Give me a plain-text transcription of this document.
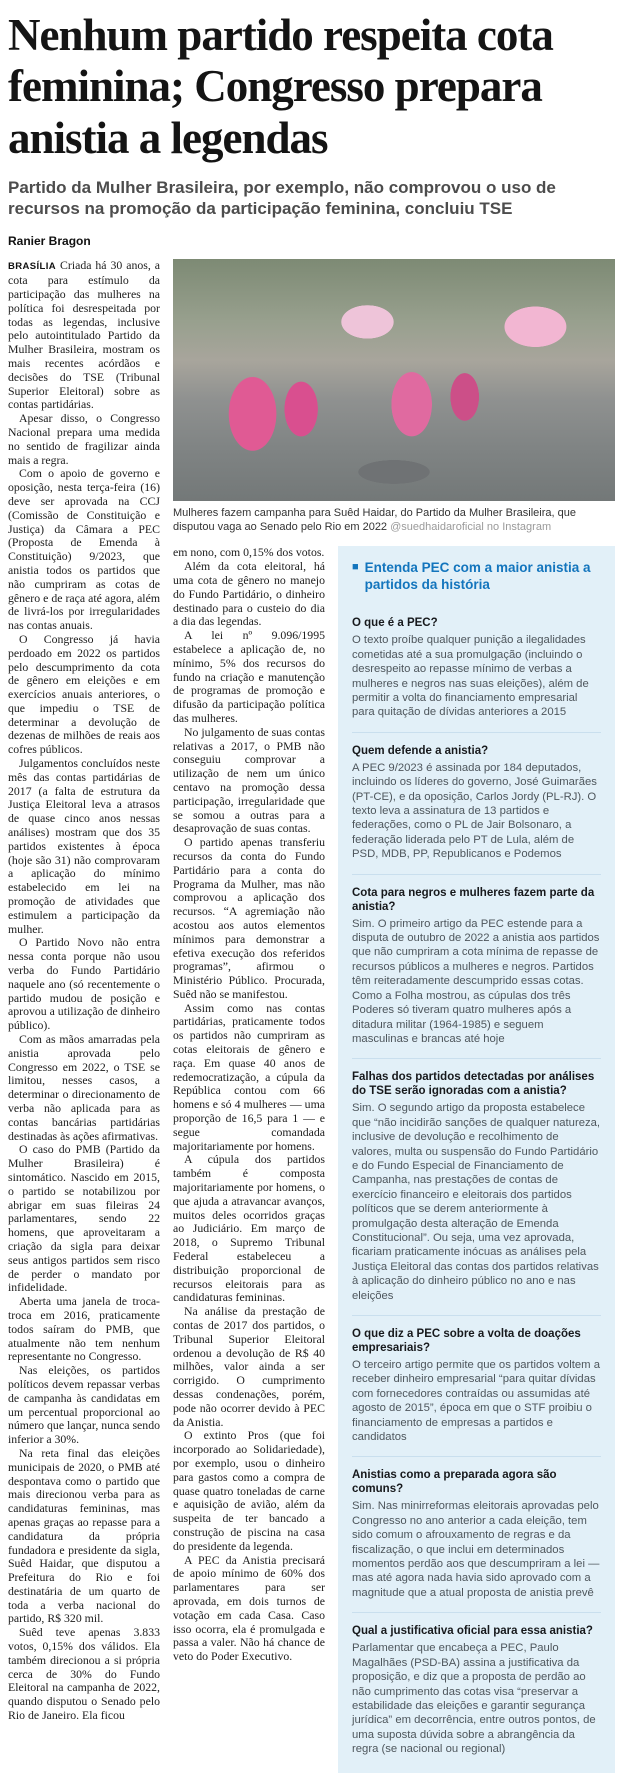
Nenhum partido respeita cota feminina; Congresso prepara anistia a legendas
Partido da Mulher Brasileira, por exemplo, não comprovou o uso de recursos na promoção da participação feminina, concluiu TSE
Ranier Bragon

BRASÍLIA Criada há 30 anos, a cota para estímulo da participação das mulheres na política foi desrespeitada por todas as legendas, inclusive pelo autointitulado Partido da Mulher Brasileira, mostram os mais recentes acórdãos e decisões do TSE (Tribunal Superior Eleitoral) sobre as contas partidárias.

Apesar disso, o Congresso Nacional prepara uma medida no sentido de fragilizar ainda mais a regra.

Com o apoio de governo e oposição, nesta terça-feira (16) deve ser aprovada na CCJ (Comissão de Constituição e Justiça) da Câmara a PEC (Proposta de Emenda à Constituição) 9/2023, que anistia todos os partidos que não cumpriram as cotas de gênero e de raça até agora, além de livrá-los por irregularidades nas contas anuais.

O Congresso já havia perdoado em 2022 os partidos pelo descumprimento da cota de gênero em eleições e em exercícios anuais anteriores, o que impediu o TSE de determinar a devolução de dezenas de milhões de reais aos cofres públicos.

Julgamentos concluídos neste mês das contas partidárias de 2017 (a falta de estrutura da Justiça Eleitoral leva a atrasos de quase cinco anos nessas análises) mostram que dos 35 partidos existentes à época (hoje são 31) não comprovaram a aplicação do mínimo estabelecido em lei na promoção de atividades que estimulem a participação da mulher.

O Partido Novo não entra nessa conta porque não usou verba do Fundo Partidário naquele ano (só recentemente o partido mudou de posição e aprovou a utilização de dinheiro público).

Com as mãos amarradas pela anistia aprovada pelo Congresso em 2022, o TSE se limitou, nesses casos, a determinar o direcionamento de verba não aplicada para as contas bancárias partidárias destinadas às ações afirmativas.

O caso do PMB (Partido da Mulher Brasileira) é sintomático. Nascido em 2015, o partido se notabilizou por abrigar em suas fileiras 24 parlamentares, sendo 22 homens, que aproveitaram a criação da sigla para deixar seus antigos partidos sem risco de perder o mandato por infidelidade.

Aberta uma janela de troca-troca em 2016, praticamente todos saíram do PMB, que atualmente não tem nenhum representante no Congresso.

Nas eleições, os partidos políticos devem repassar verbas de campanha às candidatas em um percentual proporcional ao número que lançar, nunca sendo inferior a 30%.

Na reta final das eleições municipais de 2020, o PMB até despontava como o partido que mais direcionou verba para as candidaturas femininas, mas apenas graças ao repasse para a candidatura da própria fundadora e presidente da sigla, Suêd Haidar, que disputou a Prefeitura do Rio e foi destinatária de um quarto de toda a verba nacional do partido, R$ 320 mil.

Suêd teve apenas 3.833 votos, 0,15% dos válidos. Ela também direcionou a si própria cerca de 30% do Fundo Eleitoral na campanha de 2022, quando disputou o Senado pelo Rio de Janeiro. Ela ficou

Mulheres fazem campanha para Suêd Haidar, do Partido da Mulher Brasileira, que disputou vaga ao Senado pelo Rio em 2022 @suedhaidaroficial no Instagram

em nono, com 0,15% dos votos.

Além da cota eleitoral, há uma cota de gênero no manejo do Fundo Partidário, o dinheiro destinado para o custeio do dia a dia das legendas.

A lei nº 9.096/1995 estabelece a aplicação de, no mínimo, 5% dos recursos do fundo na criação e manutenção de programas de promoção e difusão da participação política das mulheres.

No julgamento de suas contas relativas a 2017, o PMB não conseguiu comprovar a utilização de nem um único centavo na promoção dessa participação, irregularidade que se somou a outras para a desaprovação de suas contas.

O partido apenas transferiu recursos da conta do Fundo Partidário para a conta do Programa da Mulher, mas não comprovou a aplicação dos recursos. “A agremiação não acostou aos autos elementos mínimos para demonstrar a efetiva execução dos referidos programas”, afirmou o Ministério Público. Procurada, Suêd não se manifestou.

Assim como nas contas partidárias, praticamente todos os partidos não cumpriram as cotas eleitorais de gênero e raça. Em quase 40 anos de redemocratização, a cúpula da República contou com 66 homens e só 4 mulheres — uma proporção de 16,5 para 1 — e segue comandada majoritariamente por homens.

A cúpula dos partidos também é composta majoritariamente por homens, o que ajuda a atravancar avanços, muitos deles ocorridos graças ao Judiciário. Em março de 2018, o Supremo Tribunal Federal estabeleceu a distribuição proporcional de recursos eleitorais para as candidaturas femininas.

Na análise da prestação de contas de 2017 dos partidos, o Tribunal Superior Eleitoral ordenou a devolução de R$ 40 milhões, valor ainda a ser corrigido. O cumprimento dessas condenações, porém, pode não ocorrer devido à PEC da Anistia.

O extinto Pros (que foi incorporado ao Solidariedade), por exemplo, usou o dinheiro para gastos como a compra de quase quatro toneladas de carne e aquisição de avião, além da suspeita de ter bancado a construção de piscina na casa do presidente da legenda.

A PEC da Anistia precisará de apoio mínimo de 60% dos parlamentares para ser aprovada, em dois turnos de votação em cada Casa. Caso isso ocorra, ela é promulgada e passa a valer. Não há chance de veto do Poder Executivo.

■ Entenda PEC com a maior anistia a partidos da história
O que é a PEC?

O texto proíbe qualquer punição a ilegalidades cometidas até a sua promulgação (incluindo o desrespeito ao repasse mínimo de verbas a mulheres e negros nas suas eleições), além de permitir a volta do financiamento empresarial para quitação de dívidas anteriores a 2015

Quem defende a anistia?

A PEC 9/2023 é assinada por 184 deputados, incluindo os líderes do governo, José Guimarães (PT-CE), e da oposição, Carlos Jordy (PL-RJ). O texto leva a assinatura de 13 partidos e federações, como o PL de Jair Bolsonaro, a federação liderada pelo PT de Lula, além de PSD, MDB, PP, Republicanos e Podemos

Cota para negros e mulheres fazem parte da anistia?

Sim. O primeiro artigo da PEC estende para a disputa de outubro de 2022 a anistia aos partidos que não cumpriram a cota mínima de repasse de recursos públicos a mulheres e negros. Partidos têm reiteradamente descumprido essas cotas. Como a Folha mostrou, as cúpulas dos três Poderes só tiveram quatro mulheres após a ditadura militar (1964-1985) e seguem masculinas e brancas até hoje

Falhas dos partidos detectadas por análises do TSE serão ignoradas com a anistia?

Sim. O segundo artigo da proposta estabelece que “não incidirão sanções de qualquer natureza, inclusive de devolução e recolhimento de valores, multa ou suspensão do Fundo Partidário e do Fundo Especial de Financiamento de Campanha, nas prestações de contas de exercício financeiro e eleitorais dos partidos políticos que se derem anteriormente à promulgação desta alteração de Emenda Constitucional”. Ou seja, uma vez aprovada, ficariam praticamente inócuas as análises pela Justiça Eleitoral das contas dos partidos relativas à aplicação do dinheiro público no ano e nas eleições

O que diz a PEC sobre a volta de doações empresariais?

O terceiro artigo permite que os partidos voltem a receber dinheiro empresarial “para quitar dívidas com fornecedores contraídas ou assumidas até agosto de 2015”, época em que o STF proibiu o financiamento de empresas a partidos e candidatos

Anistias como a preparada agora são comuns?

Sim. Nas minirreformas eleitorais aprovadas pelo Congresso no ano anterior a cada eleição, tem sido comum o afrouxamento de regras e da fiscalização, o que inclui em determinados momentos perdão aos que descumpriram a lei —mas até agora nada havia sido aprovado com a magnitude que a atual proposta de anistia prevê

Qual a justificativa oficial para essa anistia?

Parlamentar que encabeça a PEC, Paulo Magalhães (PSD-BA) assina a justificativa da proposição, e diz que a proposta de perdão ao não cumprimento das cotas visa “preservar a estabilidade das eleições e garantir segurança jurídica” em decorrência, entre outros pontos, de uma suposta dúvida sobre a abrangência da regra (se nacional ou regional)
